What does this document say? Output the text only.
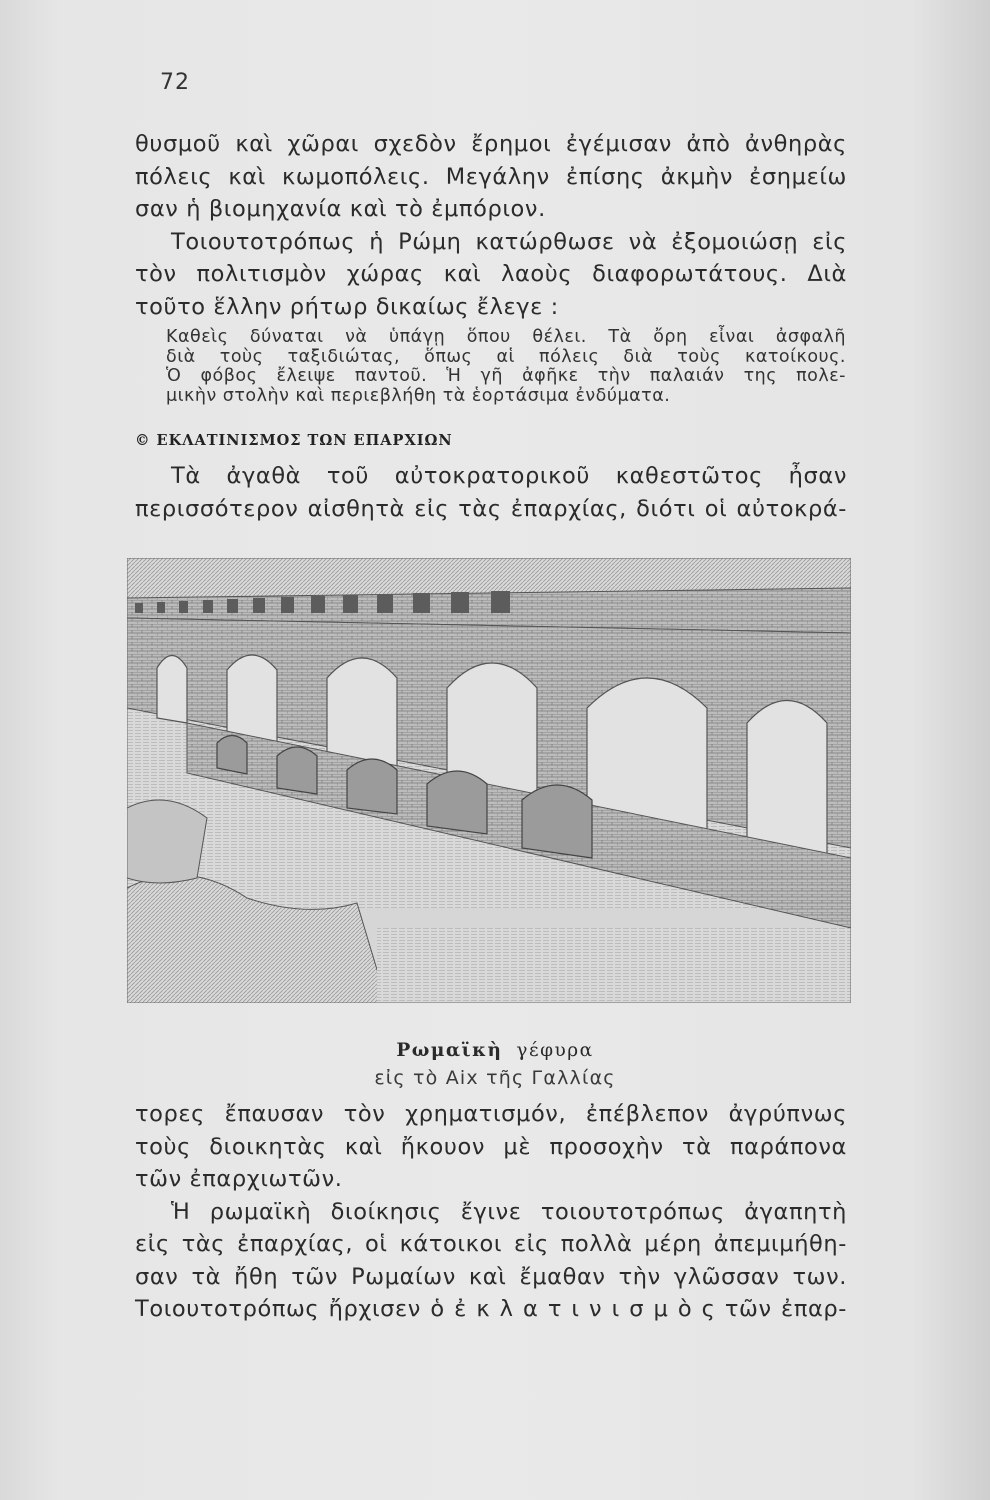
72

θυσμοῦ καὶ χῶραι σχεδὸν ἔρημοι ἐγέμισαν ἀπὸ ἀνθηρὰς
πόλεις καὶ κωμοπόλεις. Μεγάλην ἐπίσης ἀκμὴν ἐσημείω
σαν ἡ βιομηχανία καὶ τὸ ἐμπόριον.
Τοιουτοτρόπως ἡ Ρώμη κατώρθωσε νὰ ἐξομοιώσῃ εἰς
τὸν πολιτισμὸν χώρας καὶ λαοὺς διαφορωτάτους. Διὰ
τοῦτο ἕλλην ρήτωρ δικαίως ἔλεγε :

Καθεὶς δύναται νὰ ὑπάγῃ ὅπου θέλει. Τὰ ὄρη εἶναι ἀσφαλῆ
διὰ τοὺς ταξιδιώτας, ὅπως αἱ πόλεις διὰ τοὺς κατοίκους.
Ὁ φόβος ἔλειψε παντοῦ. Ἡ γῆ ἀφῆκε τὴν παλαιάν της πολε-
μικὴν στολὴν καὶ περιεβλήθη τὰ ἑορτάσιμα ἐνδύματα.
© ΕΚΛΑΤΙΝΙΣΜΟΣ ΤΩΝ ΕΠΑΡΧΙΩΝ

Τὰ ἀγαθὰ τοῦ αὐτοκρατορικοῦ καθεστῶτος ἦσαν
περισσότερον αἰσθητὰ εἰς τὰς ἐπαρχίας, διότι οἱ αὐτοκρά-

Ρωμαϊκὴ γέφυρα
εἰς τὸ Aix τῆς Γαλλίας

τορες ἔπαυσαν τὸν χρηματισμόν, ἐπέβλεπον ἀγρύπνως
τοὺς διοικητὰς καὶ ἤκουον μὲ προσοχὴν τὰ παράπονα
τῶν ἐπαρχιωτῶν.
Ἡ ρωμαϊκὴ διοίκησις ἔγινε τοιουτοτρόπως ἀγαπητὴ
εἰς τὰς ἐπαρχίας, οἱ κάτοικοι εἰς πολλὰ μέρη ἀπεμιμήθη-
σαν τὰ ἤθη τῶν Ρωμαίων καὶ ἔμαθαν τὴν γλῶσσαν των.
Τοιουτοτρόπως ἤρχισεν ὁ ἐ κ λ α τ ι ν ι σ μ ὸ ς τῶν ἐπαρ-
